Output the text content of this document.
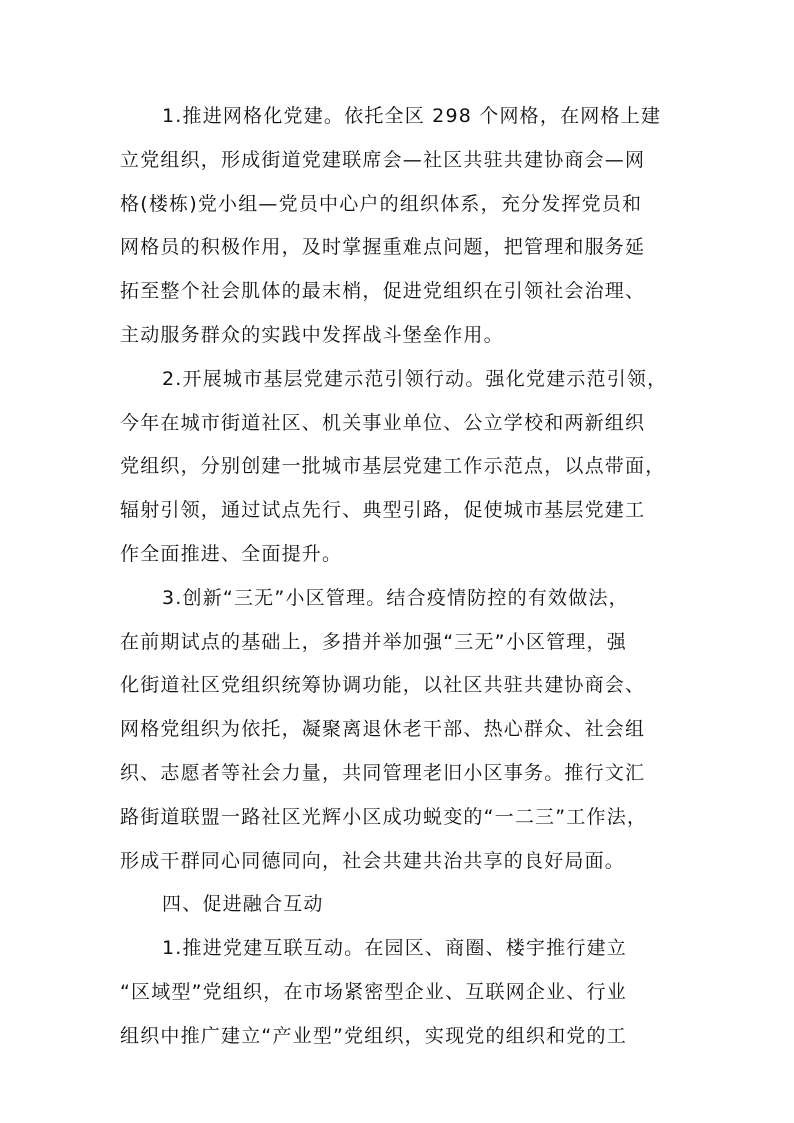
1.推进网格化党建。依托全区 298 个网格，在网格上建
立党组织，形成街道党建联席会—社区共驻共建协商会—网
格(楼栋)党小组—党员中心户的组织体系，充分发挥党员和
网格员的积极作用，及时掌握重难点问题，把管理和服务延
拓至整个社会肌体的最末梢，促进党组织在引领社会治理、
主动服务群众的实践中发挥战斗堡垒作用。
2.开展城市基层党建示范引领行动。强化党建示范引领，
今年在城市街道社区、机关事业单位、公立学校和两新组织
党组织，分别创建一批城市基层党建工作示范点，以点带面，
辐射引领，通过试点先行、典型引路，促使城市基层党建工
作全面推进、全面提升。
3.创新“三无”小区管理。结合疫情防控的有效做法，
在前期试点的基础上，多措并举加强“三无”小区管理，强
化街道社区党组织统筹协调功能，以社区共驻共建协商会、
网格党组织为依托，凝聚离退休老干部、热心群众、社会组
织、志愿者等社会力量，共同管理老旧小区事务。推行文汇
路街道联盟一路社区光辉小区成功蜕变的“一二三”工作法，
形成干群同心同德同向，社会共建共治共享的良好局面。
四、促进融合互动
1.推进党建互联互动。在园区、商圈、楼宇推行建立
“区域型”党组织，在市场紧密型企业、互联网企业、行业
组织中推广建立“产业型”党组织，实现党的组织和党的工
